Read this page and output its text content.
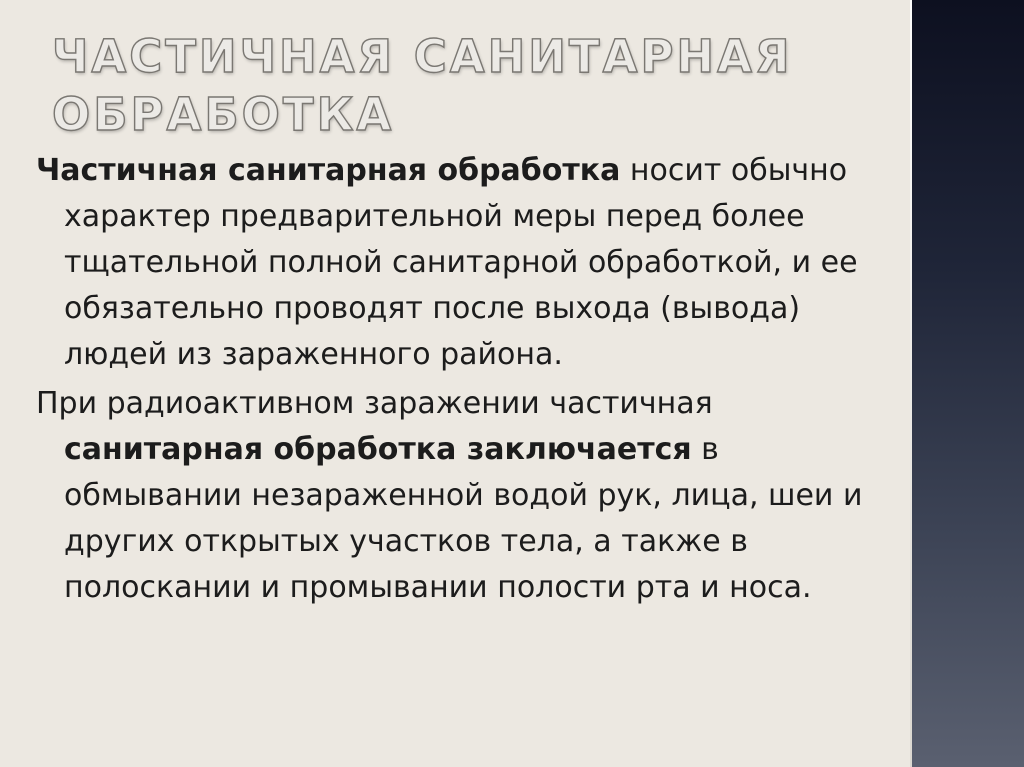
ЧАСТИЧНАЯ САНИТАРНАЯ ОБРАБОТКА

Частичная санитарная обработка носит обычно характер предварительной меры перед более тщательной полной санитарной обработкой, и ее обязательно проводят после выхода (вывода) людей из зараженного района.

При радиоактивном заражении частичная санитарная обработка заключается в обмывании незараженной водой рук, лица, шеи и других открытых участков тела, а также в полоскании и промывании полости рта и носа.
